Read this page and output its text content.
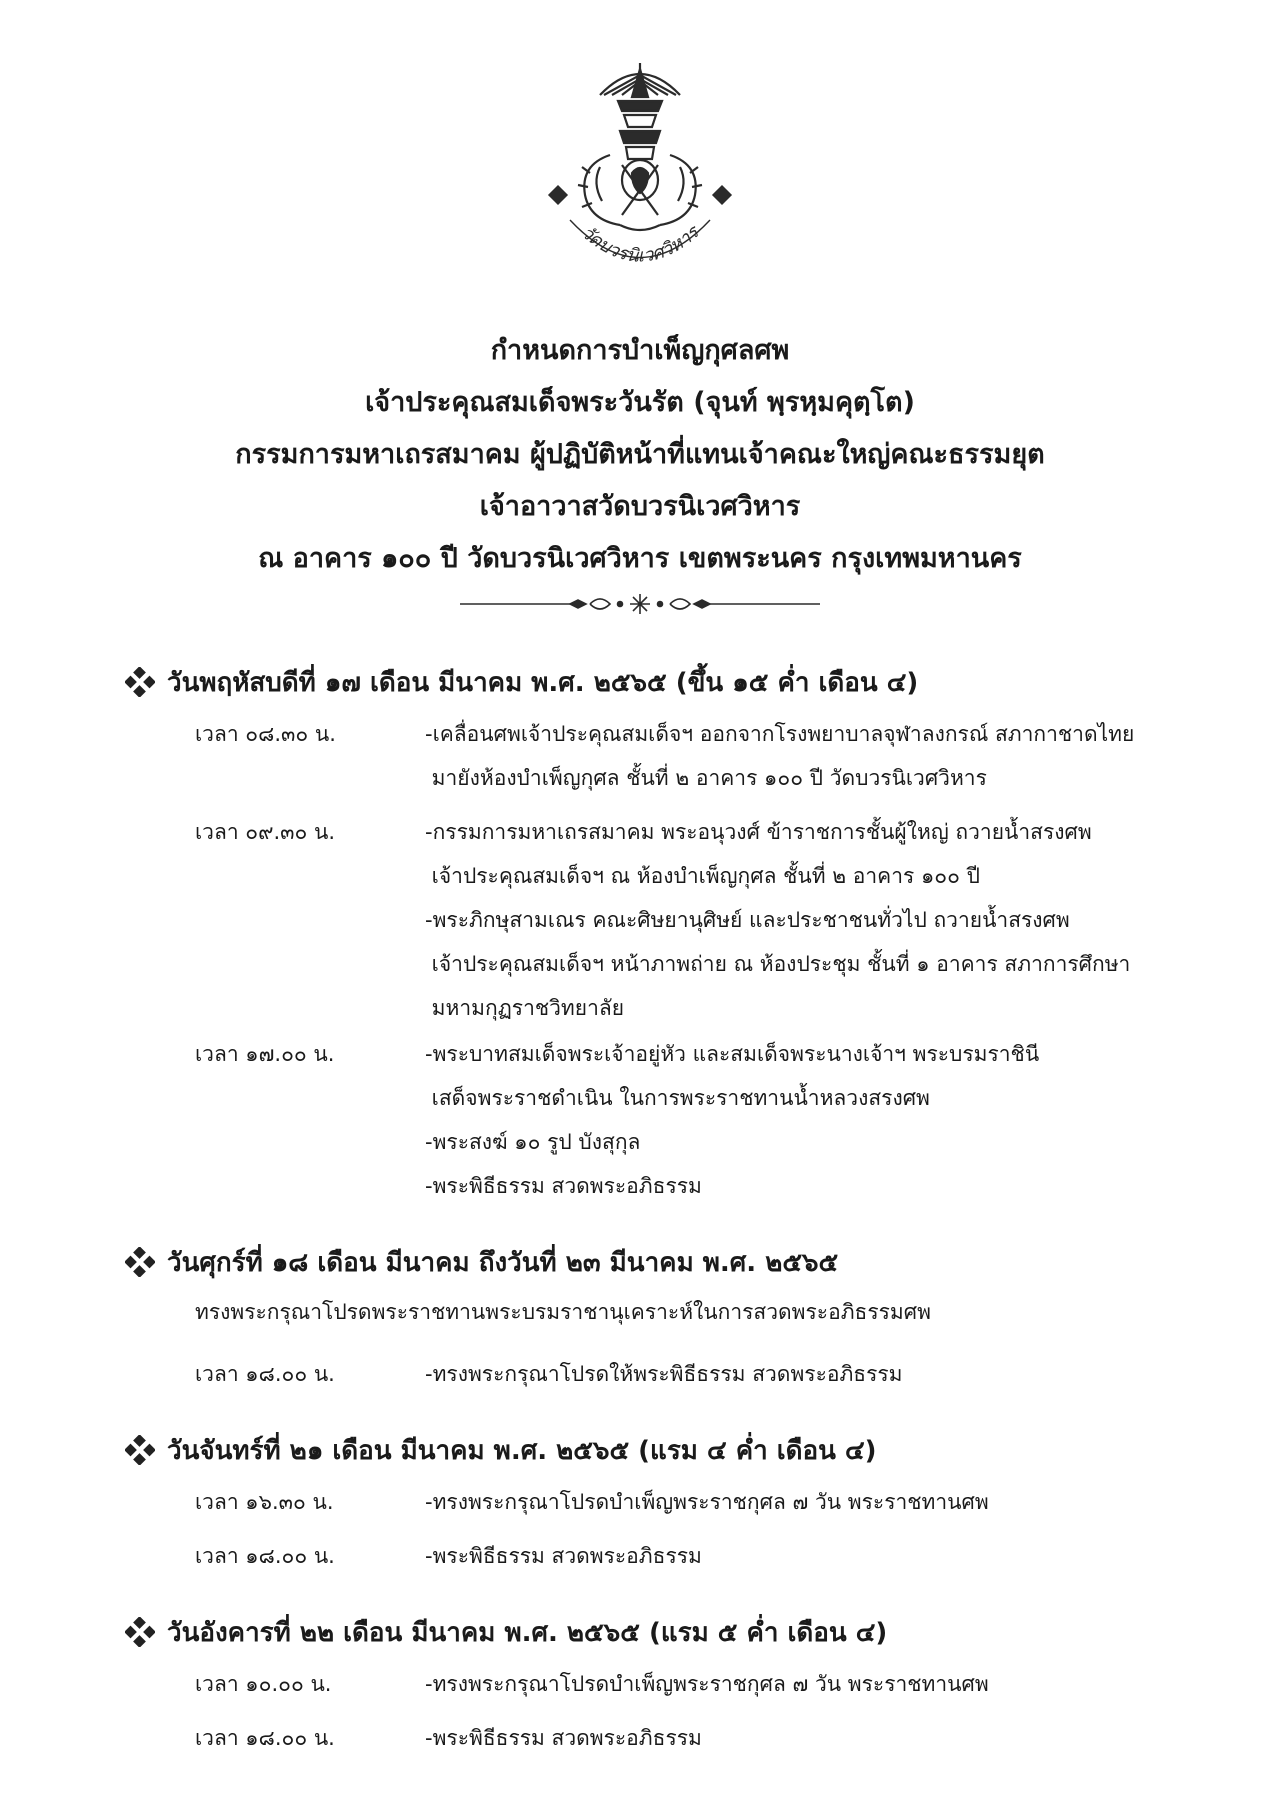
วัดบวรนิเวศวิหาร
กำหนดการบำเพ็ญกุศลศพ
เจ้าประคุณสมเด็จพระวันรัต (จุนท์ พฺรหฺมคุตฺโต)
กรรมการมหาเถรสมาคม ผู้ปฏิบัติหน้าที่แทนเจ้าคณะใหญ่คณะธรรมยุต
เจ้าอาวาสวัดบวรนิเวศวิหาร
ณ อาคาร ๑๐๐ ปี วัดบวรนิเวศวิหาร เขตพระนคร กรุงเทพมหานคร
วันพฤหัสบดีที่ ๑๗ เดือน มีนาคม พ.ศ. ๒๕๖๕ (ขึ้น ๑๕ ค่ำ เดือน ๔)
เวลา ๐๘.๓๐ น.	-เคลื่อนศพเจ้าประคุณสมเด็จฯ ออกจากโรงพยาบาลจุฬาลงกรณ์ สภากาชาดไทย
มายังห้องบำเพ็ญกุศล ชั้นที่ ๒ อาคาร ๑๐๐ ปี วัดบวรนิเวศวิหาร
เวลา ๐๙.๓๐ น.	-กรรมการมหาเถรสมาคม พระอนุวงศ์ ข้าราชการชั้นผู้ใหญ่ ถวายน้ำสรงศพ
เจ้าประคุณสมเด็จฯ ณ ห้องบำเพ็ญกุศล ชั้นที่ ๒ อาคาร ๑๐๐ ปี
-พระภิกษุสามเณร คณะศิษยานุศิษย์ และประชาชนทั่วไป ถวายน้ำสรงศพ
เจ้าประคุณสมเด็จฯ หน้าภาพถ่าย ณ ห้องประชุม ชั้นที่ ๑ อาคาร สภาการศึกษา
มหามกุฏราชวิทยาลัย
เวลา ๑๗.๐๐ น.	-พระบาทสมเด็จพระเจ้าอยู่หัว และสมเด็จพระนางเจ้าฯ พระบรมราชินี
เสด็จพระราชดำเนิน ในการพระราชทานน้ำหลวงสรงศพ
-พระสงฆ์ ๑๐ รูป บังสุกุล
-พระพิธีธรรม สวดพระอภิธรรม
วันศุกร์ที่ ๑๘ เดือน มีนาคม ถึงวันที่ ๒๓ มีนาคม พ.ศ. ๒๕๖๕
ทรงพระกรุณาโปรดพระราชทานพระบรมราชานุเคราะห์ในการสวดพระอภิธรรมศพ
เวลา ๑๘.๐๐ น.	-ทรงพระกรุณาโปรดให้พระพิธีธรรม สวดพระอภิธรรม
วันจันทร์ที่ ๒๑ เดือน มีนาคม พ.ศ. ๒๕๖๕ (แรม ๔ ค่ำ เดือน ๔)
เวลา ๑๖.๓๐ น.	-ทรงพระกรุณาโปรดบำเพ็ญพระราชกุศล ๗ วัน พระราชทานศพ
เวลา ๑๘.๐๐ น.	-พระพิธีธรรม สวดพระอภิธรรม
วันอังคารที่ ๒๒ เดือน มีนาคม พ.ศ. ๒๕๖๕ (แรม ๕ ค่ำ เดือน ๔)
เวลา ๑๐.๐๐ น.	-ทรงพระกรุณาโปรดบำเพ็ญพระราชกุศล ๗ วัน พระราชทานศพ
เวลา ๑๘.๐๐ น.	-พระพิธีธรรม สวดพระอภิธรรม
